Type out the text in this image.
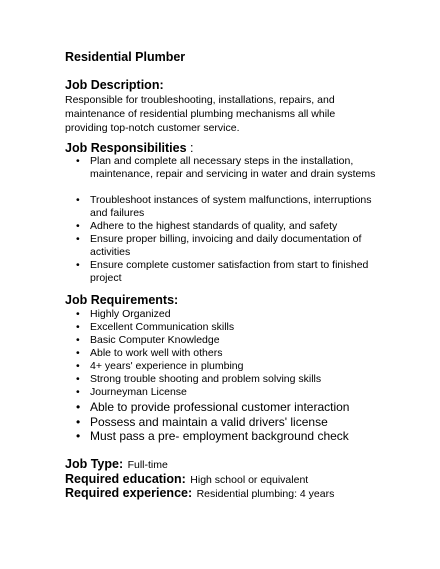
Residential Plumber
Job Description:
Responsible for troubleshooting, installations, repairs, and maintenance of residential plumbing mechanisms all while providing top-notch customer service.
Job Responsibilities :
• Plan and complete all necessary steps in the installation, maintenance, repair and servicing in water and drain systems
• Troubleshoot instances of system malfunctions, interruptions and failures
• Adhere to the highest standards of quality, and safety
• Ensure proper billing, invoicing and daily documentation of activities
• Ensure complete customer satisfaction from start to finished project
Job Requirements:
• Highly Organized
• Excellent Communication skills
• Basic Computer Knowledge
• Able to work well with others
• 4+ years' experience in plumbing
• Strong trouble shooting and problem solving skills
• Journeyman License
• Able to provide professional customer interaction
• Possess and maintain a valid drivers' license
• Must pass a pre- employment background check
Job Type: Full-time
Required education: High school or equivalent
Required experience: Residential plumbing: 4 years
